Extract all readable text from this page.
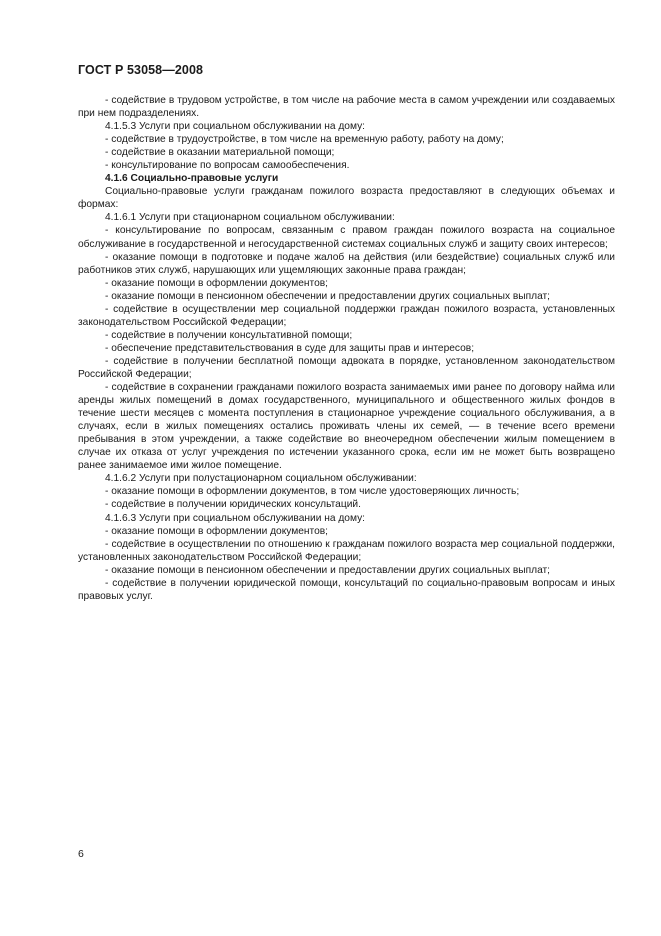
ГОСТ Р 53058—2008

- содействие в трудовом устройстве, в том числе на рабочие места в самом учреждении или создаваемых при нем подразделениях.

4.1.5.3 Услуги при социальном обслуживании на дому:

- содействие в трудоустройстве, в том числе на временную работу, работу на дому;

- содействие в оказании материальной помощи;

- консультирование по вопросам самообеспечения.

4.1.6 Социально-правовые услуги

Социально-правовые услуги гражданам пожилого возраста предоставляют в следующих объемах и формах:

4.1.6.1 Услуги при стационарном социальном обслуживании:

- консультирование по вопросам, связанным с правом граждан пожилого возраста на социальное обслуживание в государственной и негосударственной системах социальных служб и защиту своих интересов;

- оказание помощи в подготовке и подаче жалоб на действия (или бездействие) социальных служб или работников этих служб, нарушающих или ущемляющих законные права граждан;

- оказание помощи в оформлении документов;

- оказание помощи в пенсионном обеспечении и предоставлении других социальных выплат;

- содействие в осуществлении мер социальной поддержки граждан пожилого возраста, установленных законодательством Российской Федерации;

- содействие в получении консультативной помощи;

- обеспечение представительствования в суде для защиты прав и интересов;

- содействие в получении бесплатной помощи адвоката в порядке, установленном законодательством Российской Федерации;

- содействие в сохранении гражданами пожилого возраста занимаемых ими ранее по договору найма или аренды жилых помещений в домах государственного, муниципального и общественного жилых фондов в течение шести месяцев с момента поступления в стационарное учреждение социального обслуживания, а в случаях, если в жилых помещениях остались проживать члены их семей, — в течение всего времени пребывания в этом учреждении, а также содействие во внеочередном обеспечении жилым помещением в случае их отказа от услуг учреждения по истечении указанного срока, если им не может быть возвращено ранее занимаемое ими жилое помещение.

4.1.6.2 Услуги при полустационарном социальном обслуживании:

- оказание помощи в оформлении документов, в том числе удостоверяющих личность;

- содействие в получении юридических консультаций.

4.1.6.3 Услуги при социальном обслуживании на дому:

- оказание помощи в оформлении документов;

- содействие в осуществлении по отношению к гражданам пожилого возраста мер социальной поддержки, установленных законодательством Российской Федерации;

- оказание помощи в пенсионном обеспечении и предоставлении других социальных выплат;

- содействие в получении юридической помощи, консультаций по социально-правовым вопросам и иных правовых услуг.

6
